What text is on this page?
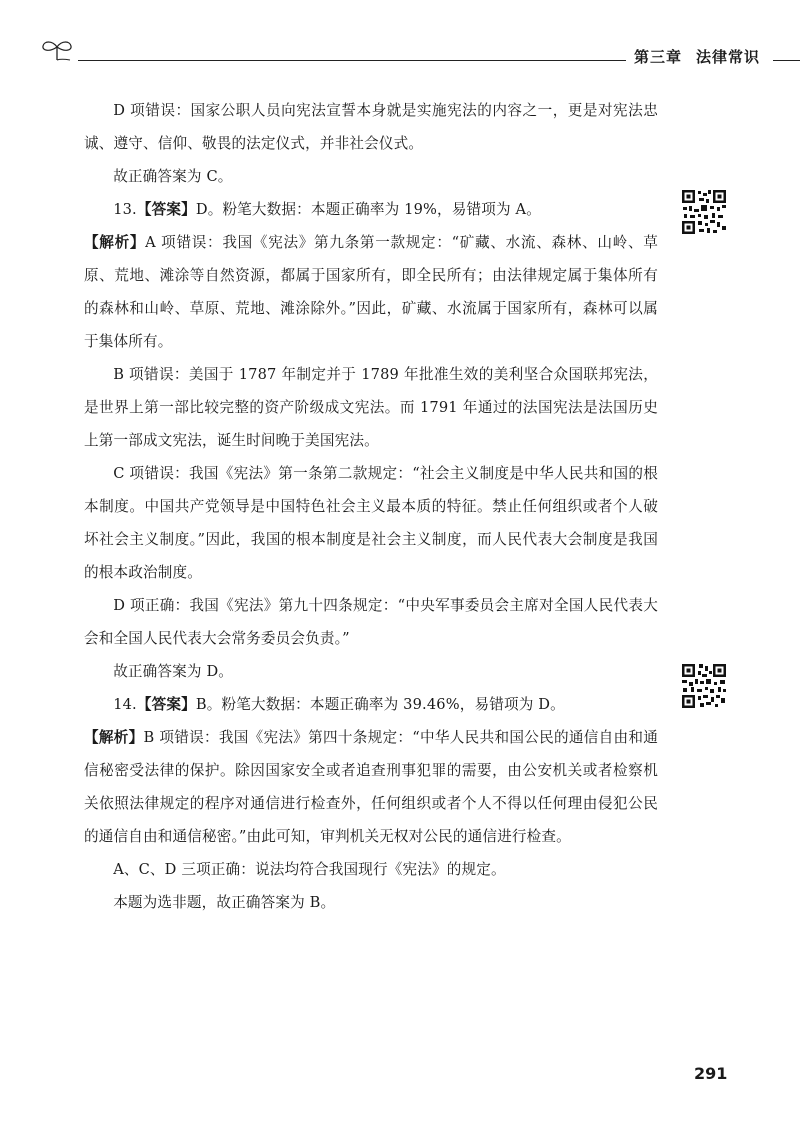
第三章 法律常识

D 项错误：国家公职人员向宪法宣誓本身就是实施宪法的内容之一，更是对宪法忠诚、遵守、信仰、敬畏的法定仪式，并非社会仪式。

故正确答案为 C。

13.【答案】D。粉笔大数据：本题正确率为 19%，易错项为 A。

【解析】A 项错误：我国《宪法》第九条第一款规定：“矿藏、水流、森林、山岭、草原、荒地、滩涂等自然资源，都属于国家所有，即全民所有；由法律规定属于集体所有的森林和山岭、草原、荒地、滩涂除外。”因此，矿藏、水流属于国家所有，森林可以属于集体所有。

B 项错误：美国于 1787 年制定并于 1789 年批准生效的美利坚合众国联邦宪法，是世界上第一部比较完整的资产阶级成文宪法。而 1791 年通过的法国宪法是法国历史上第一部成文宪法，诞生时间晚于美国宪法。

C 项错误：我国《宪法》第一条第二款规定：“社会主义制度是中华人民共和国的根本制度。中国共产党领导是中国特色社会主义最本质的特征。禁止任何组织或者个人破坏社会主义制度。”因此，我国的根本制度是社会主义制度，而人民代表大会制度是我国的根本政治制度。

D 项正确：我国《宪法》第九十四条规定：“中央军事委员会主席对全国人民代表大会和全国人民代表大会常务委员会负责。”

故正确答案为 D。

14.【答案】B。粉笔大数据：本题正确率为 39.46%，易错项为 D。

【解析】B 项错误：我国《宪法》第四十条规定：“中华人民共和国公民的通信自由和通信秘密受法律的保护。除因国家安全或者追查刑事犯罪的需要，由公安机关或者检察机关依照法律规定的程序对通信进行检查外，任何组织或者个人不得以任何理由侵犯公民的通信自由和通信秘密。”由此可知，审判机关无权对公民的通信进行检查。

A、C、D 三项正确：说法均符合我国现行《宪法》的规定。

本题为选非题，故正确答案为 B。

291
